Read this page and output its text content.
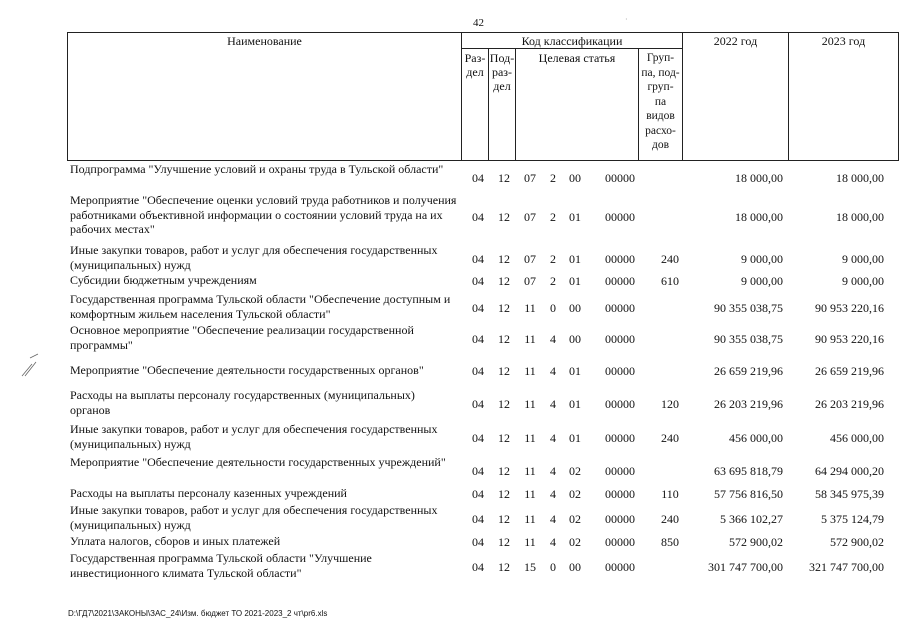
42	·
Наименование	Код классификации
Раз-
дел
Под-
раз-
дел
Целевая статья	Груп-
па, под-
груп-
па
видов
расхо-
дов
2022 год	2023 год
Подпрограмма "Улучшение условий и охраны труда в Тульской области"
04	12	07	2	00	00000	18 000,00	18 000,00
Мероприятие "Обеспечение оценки условий труда работников и получения работниками объективной информации о состоянии условий труда на их рабочих местах"
04	12	07	2	01	00000	18 000,00	18 000,00
Иные закупки товаров, работ и услуг для обеспечения государственных (муниципальных) нужд	04	12	07	2	01	00000	240	9 000,00	9 000,00
Субсидии бюджетным учреждениям	04	12	07	2	01	00000	610	9 000,00	9 000,00
Государственная программа Тульской области "Обеспечение доступным и комфортным жильем населения Тульской области"	04	12	11	0	00	00000	90 355 038,75	90 953 220,16
Основное мероприятие "Обеспечение реализации государственной программы"	04	12	11	4	00	00000	90 355 038,75	90 953 220,16
Мероприятие "Обеспечение деятельности государственных органов"	04	12	11	4	01	00000	26 659 219,96	26 659 219,96
Расходы на выплаты персоналу государственных (муниципальных) органов	04	12	11	4	01	00000	120	26 203 219,96	26 203 219,96
Иные закупки товаров, работ и услуг для обеспечения государственных (муниципальных) нужд	04	12	11	4	01	00000	240	456 000,00	456 000,00
Мероприятие "Обеспечение деятельности государственных учреждений"
04	12	11	4	02	00000	63 695 818,79	64 294 000,20
Расходы на выплаты персоналу казенных учреждений	04	12	11	4	02	00000	110	57 756 816,50	58 345 975,39
Иные закупки товаров, работ и услуг для обеспечения государственных (муниципальных) нужд	04	12	11	4	02	00000	240	5 366 102,27	5 375 124,79
Уплата налогов, сборов и иных платежей	04	12	11	4	02	00000	850	572 900,02	572 900,02
Государственная программа Тульской области "Улучшение инвестиционного климата Тульской области"	04	12	15	0	00	00000	301 747 700,00	321 747 700,00
D:\ГД7\2021\ЗАКОНЫ\ЗАС_24\Изм. бюджет ТО 2021-2023_2 чт\pr6.xls
